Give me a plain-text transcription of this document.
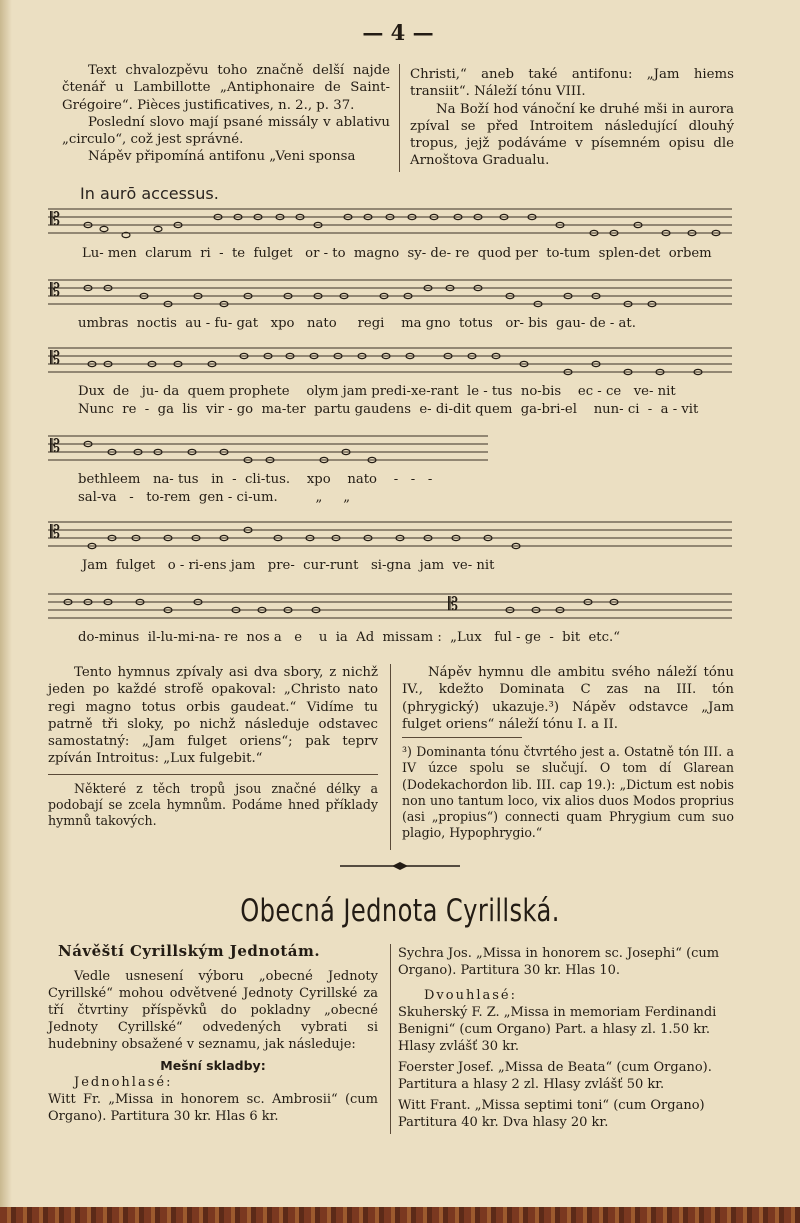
— 4 —

Text chvalozpěvu toho značně delší najde čtenář u Lambillotte „Antiphonaire de Saint-Grégoire“. Pièces justificatives, n. 2., p. 37.

Poslední slovo mají psané missály v ablativu „circulo“, což jest správné.

Nápěv připomíná antifonu „Veni sponsa

Christi,“ aneb také antifonu: „Jam hiems transiit“. Náleží tónu VIII.

Na Boží hod vánoční ke druhé mši in aurora zpíval se před Introitem následující dlouhý tropus, jejž podáváme v písemném opisu dle Arnoštova Gradualu.

In aurō accessus.
𝄡
Lu- men  clarum  ri  -  te  fulget   or - to  magno  sy- de- re  quod per  to-tum  splen-det  orbem
𝄡
umbras  noctis  au - fu- gat   xpo   nato     regi    ma gno  totus   or- bis  gau- de - at.
𝄡
Dux  de   ju- da  quem prophete    olym jam predi-xe-rant  le - tus  no-bis    ec - ce   ve- nit
Nunc  re  -  ga  lis  vir - go  ma-ter  partu gaudens  e- di-dit quem  ga-bri-el    nun- ci  -  a - vit
𝄡
bethleem   na- tus   in  -  cli-tus.    xpo    nato    -   -   -
sal-va   -   to-rem  gen - ci-um.         „     „
𝄡
Jam  fulget   o - ri-ens jam   pre-  cur-runt   si-gna  jam  ve- nit
𝄡
do-minus  il-lu-mi-na- re  nos a   e    u  ia  Ad  missam :  „Lux   ful - ge  -  bit  etc.“

Tento hymnus zpívaly asi dva sbory, z nichž jeden po každé strofě opakoval: „Christo nato regi magno totus orbis gaudeat.“ Vidíme tu patrně tři sloky, po nichž následuje odstavec samostatný: „Jam fulget oriens“; pak teprv zpíván Introitus: „Lux fulgebit.“

Některé z těch tropů jsou značné délky a podobají se zcela hymnům. Podáme hned příklady hymnů takových.

Nápěv hymnu dle ambitu svého náleží tónu IV., kdežto Dominata C zas na III. tón (phrygický) ukazuje.³) Nápěv odstavce „Jam fulget oriens“ náleží tónu I. a II.

³) Dominanta tónu čtvrtého jest a. Ostatně tón III. a IV úzce spolu se slučují. O tom dí Glarean (Dodekachordon lib. III. cap 19.): „Dictum est nobis non uno tantum loco, vix alios duos Modos proprius (asi „propius“) connecti quam Phrygium cum suo plagio, Hypophrygio.“

Obecná Jednota Cyrillská.
Návěští Cyrillským Jednotám.

Vedle usnesení výboru „obecné Jednoty Cyrillské“ mohou odvětvené Jednoty Cyrillské za tří čtvrtiny příspěvků do pokladny „obecné Jednoty Cyrillské“ odvedených vybrati si hudebniny obsažené v seznamu, jak následuje:

Mešní skladby:

Jednohlasé:

Witt Fr. „Missa in honorem sc. Ambrosii“ (cum Organo). Partitura 30 kr. Hlas 6 kr.

Sychra Jos. „Missa in honorem sc. Josephi“ (cum Organo). Partitura 30 kr. Hlas 10.

Dvouhlasé:

Skuherský F. Z. „Missa in memoriam Ferdinandi Benigni“ (cum Organo) Part. a hlasy zl. 1.50 kr. Hlasy zvlášť 30 kr.

Foerster Josef. „Missa de Beata“ (cum Organo). Partitura a hlasy 2 zl. Hlasy zvlášť 50 kr.

Witt Frant. „Missa septimi toni“ (cum Organo) Partitura 40 kr. Dva hlasy 20 kr.
